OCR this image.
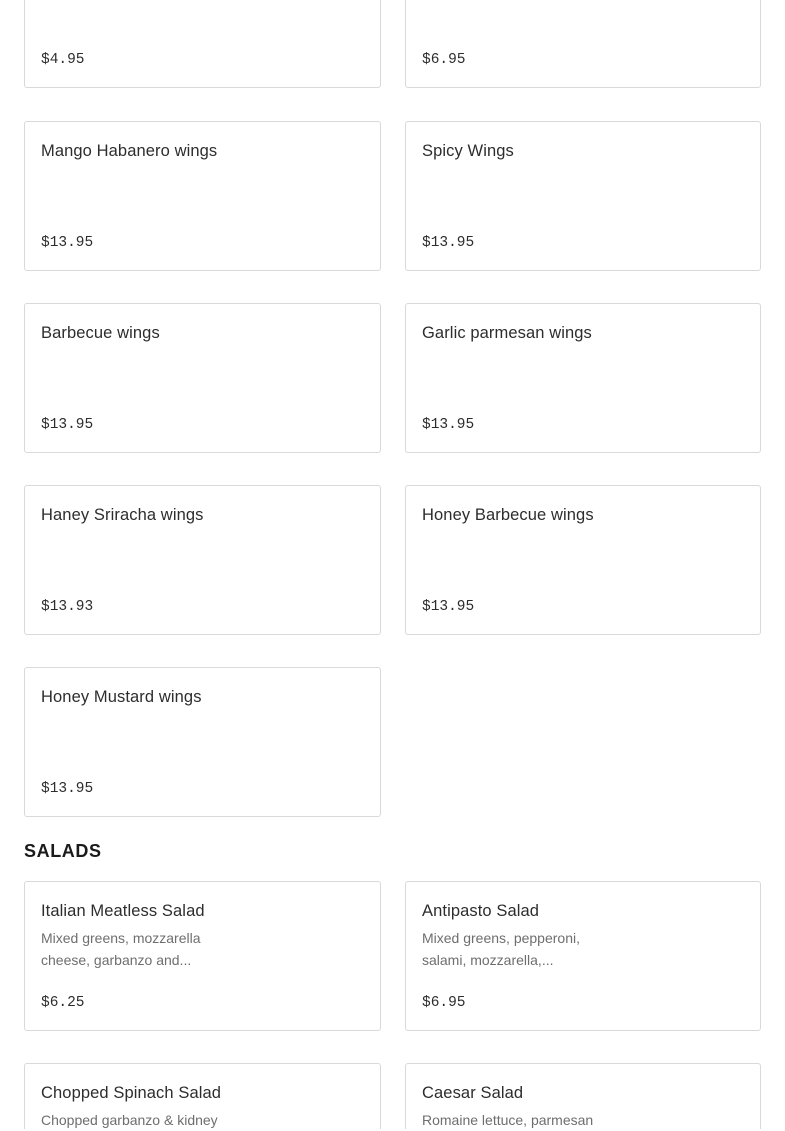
$4.95	$6.95
Mango Habanero wings
$13.95
Spicy Wings
$13.95
Barbecue wings
$13.95
Garlic parmesan wings
$13.95
Haney Sriracha wings
$13.93
Honey Barbecue wings
$13.95
Honey Mustard wings
$13.95
SALADS
Italian Meatless Salad
Mixed greens, mozzarella cheese, garbanzo and...
$6.25
Antipasto Salad
Mixed greens, pepperoni, salami, mozzarella,...
$6.95
Chopped Spinach Salad
Chopped garbanzo & kidney
Caesar Salad
Romaine lettuce, parmesan
